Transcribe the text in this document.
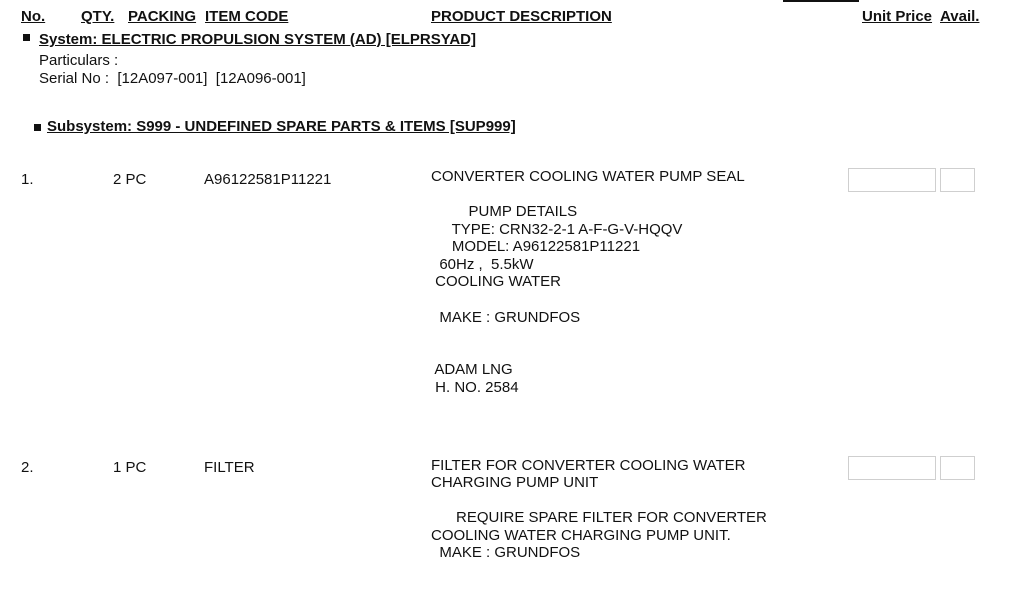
No. QTY. PACKING ITEM CODE	PRODUCT DESCRIPTION	Unit Price Avail.
System: ELECTRIC PROPULSION SYSTEM (AD) [ELPRSYAD]
Particulars :
Serial No :  [12A097-001]  [12A096-001]
Subsystem: S999 - UNDEFINED SPARE PARTS & ITEMS [SUP999]
1.	2 PC	A96122581P11221	CONVERTER COOLING WATER PUMP SEAL
PUMP DETAILS
TYPE: CRN32-2-1 A-F-G-V-HQQV
MODEL: A96122581P11221
60Hz ,  5.5kW
COOLING WATER

MAKE : GRUNDFOS

ADAM LNG
H. NO. 2584
2.	1 PC	FILTER	FILTER FOR CONVERTER COOLING WATER
CHARGING PUMP UNIT
REQUIRE SPARE FILTER FOR CONVERTER
COOLING WATER CHARGING PUMP UNIT.
MAKE : GRUNDFOS
